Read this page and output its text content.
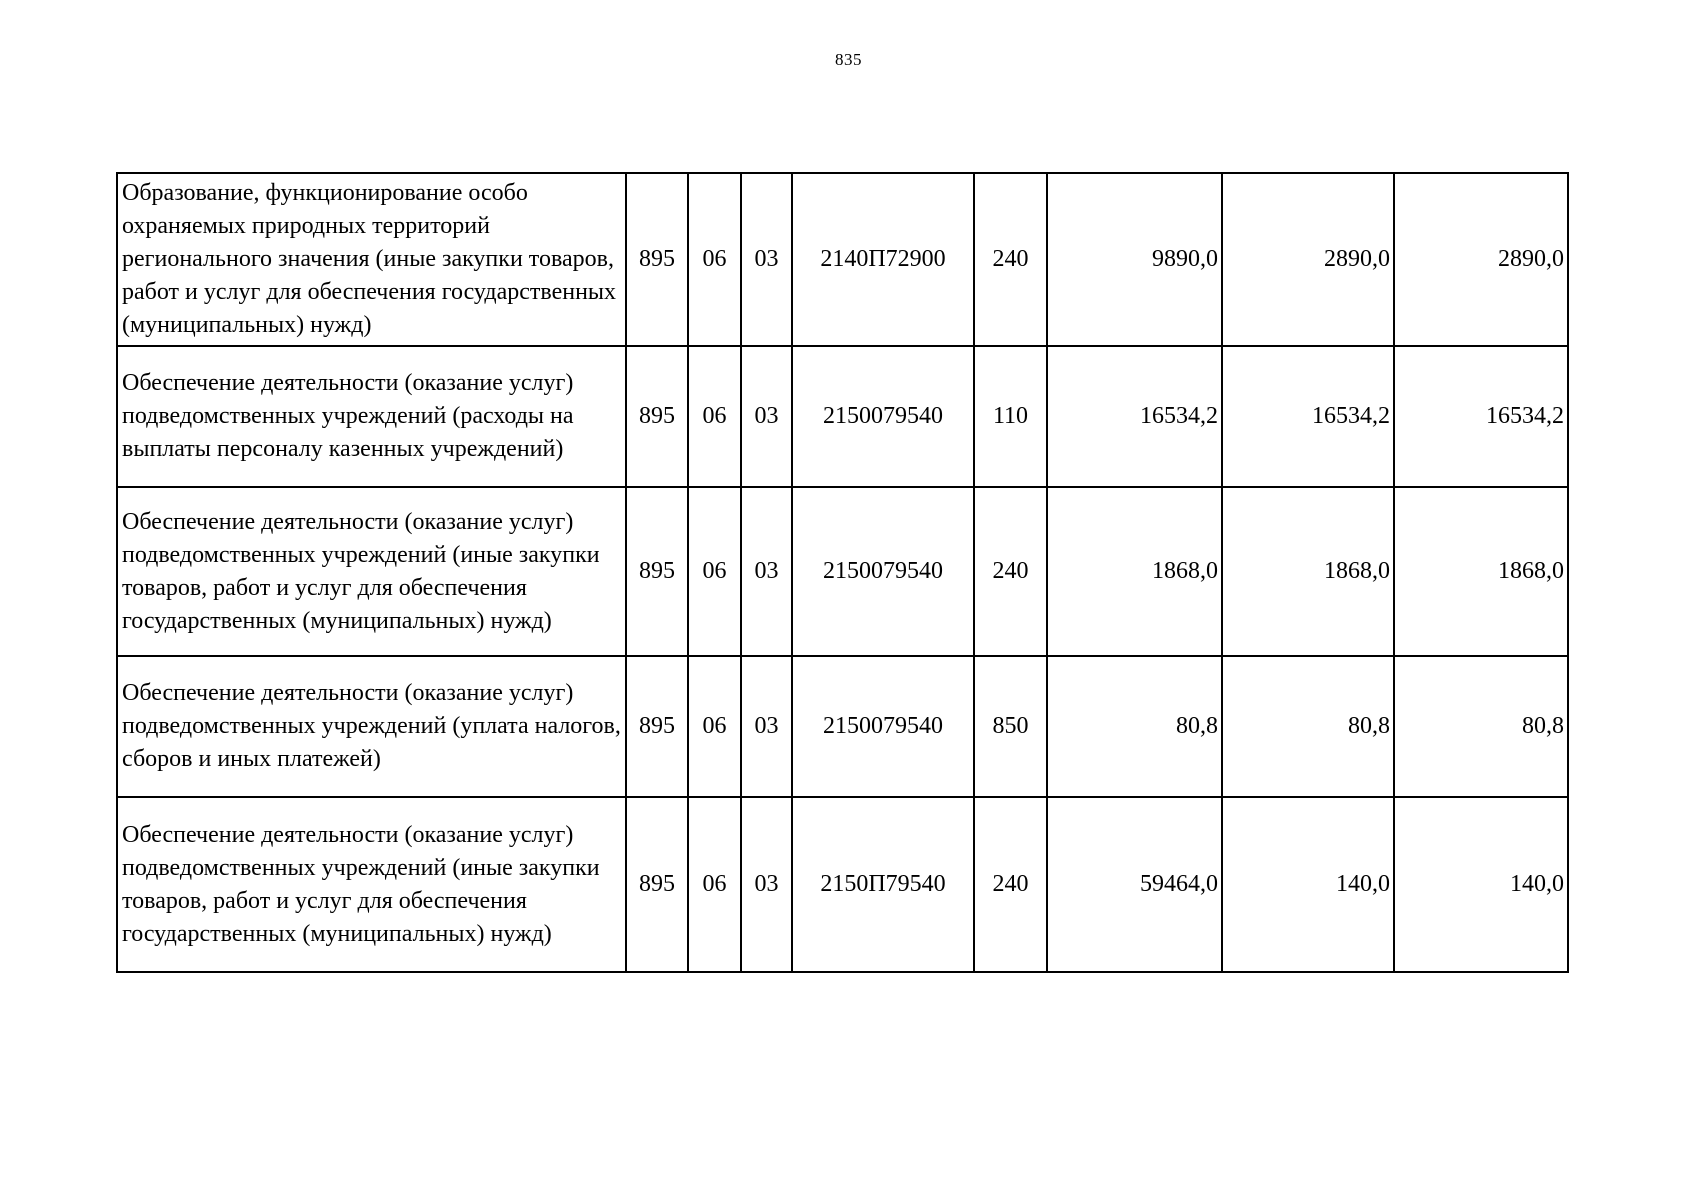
835
Образование, функционирование особо охраняемых природных территорий регионального значения (иные закупки товаров, работ и услуг для обеспечения государственных (муниципальных) нужд)	895	06	03	2140П72900	240	9890,0	2890,0	2890,0
Обеспечение деятельности (оказание услуг) подведомственных учреждений (расходы на выплаты персоналу казенных учреждений)	895	06	03	2150079540	110	16534,2	16534,2	16534,2
Обеспечение деятельности (оказание услуг) подведомственных учреждений (иные закупки товаров, работ и услуг для обеспечения государственных (муниципальных) нужд)	895	06	03	2150079540	240	1868,0	1868,0	1868,0
Обеспечение деятельности (оказание услуг) подведомственных учреждений (уплата налогов, сборов и иных платежей)	895	06	03	2150079540	850	80,8	80,8	80,8
Обеспечение деятельности (оказание услуг) подведомственных учреждений (иные закупки товаров, работ и услуг для обеспечения государственных (муниципальных) нужд)	895	06	03	2150П79540	240	59464,0	140,0	140,0
